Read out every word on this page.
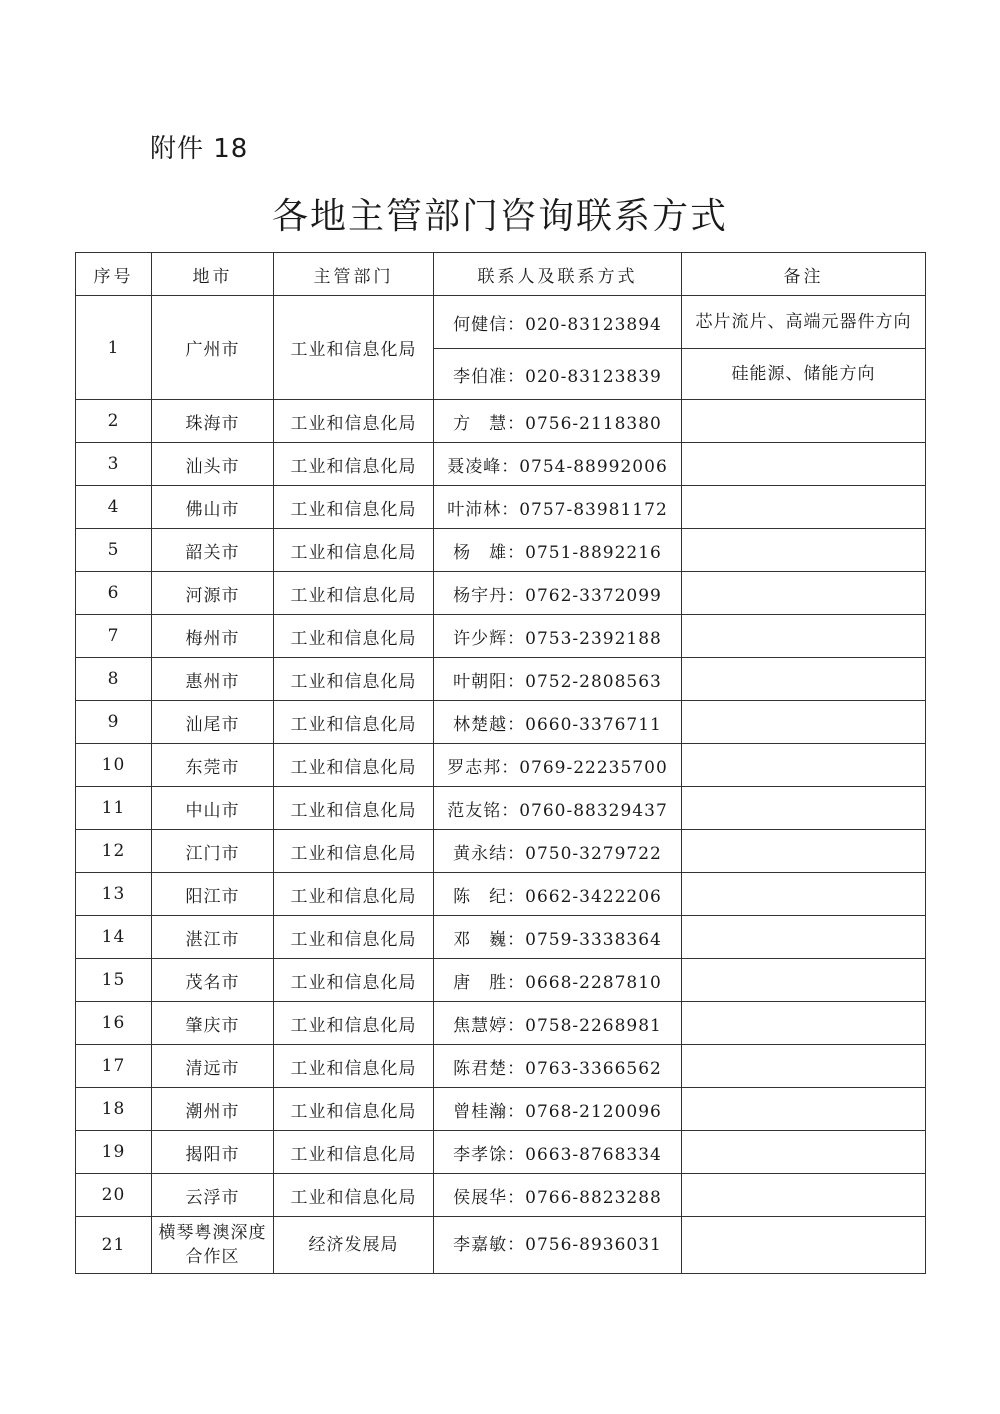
附件 18
各地主管部门咨询联系方式
序号	地市	主管部门	联系人及联系方式	备注
1	广州市	工业和信息化局	何健信：020-83123894	芯片流片、高端元器件方向
			李伯准：020-83123839	硅能源、储能方向
2	珠海市	工业和信息化局	方　慧：0756-2118380	
3	汕头市	工业和信息化局	聂凌峰：0754-88992006	
4	佛山市	工业和信息化局	叶沛林：0757-83981172	
5	韶关市	工业和信息化局	杨　雄：0751-8892216	
6	河源市	工业和信息化局	杨宇丹：0762-3372099	
7	梅州市	工业和信息化局	许少辉：0753-2392188	
8	惠州市	工业和信息化局	叶朝阳：0752-2808563	
9	汕尾市	工业和信息化局	林楚越：0660-3376711	
10	东莞市	工业和信息化局	罗志邦：0769-22235700	
11	中山市	工业和信息化局	范友铭：0760-88329437	
12	江门市	工业和信息化局	黄永结：0750-3279722	
13	阳江市	工业和信息化局	陈　纪：0662-3422206	
14	湛江市	工业和信息化局	邓　巍：0759-3338364	
15	茂名市	工业和信息化局	唐　胜：0668-2287810	
16	肇庆市	工业和信息化局	焦慧婷：0758-2268981	
17	清远市	工业和信息化局	陈君楚：0763-3366562	
18	潮州市	工业和信息化局	曾桂瀚：0768-2120096	
19	揭阳市	工业和信息化局	李孝馀：0663-8768334	
20	云浮市	工业和信息化局	侯展华：0766-8823288	
21	横琴粤澳深度合作区	经济发展局	李嘉敏：0756-8936031	
